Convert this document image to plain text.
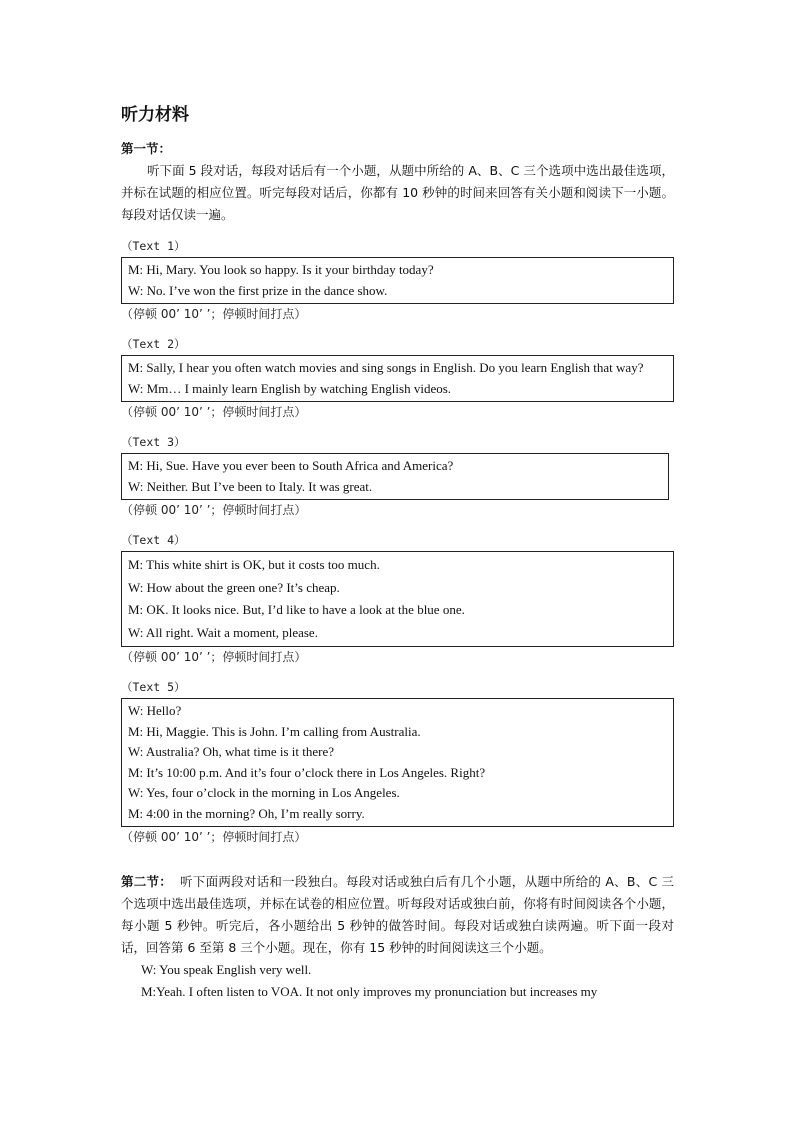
听力材料
第一节：
听下面 5 段对话，每段对话后有一个小题，从题中所给的 A、B、C 三个选项中选出最佳选项，并标在试题的相应位置。听完每段对话后，你都有 10 秒钟的时间来回答有关小题和阅读下一小题。每段对话仅读一遍。
（Text 1）
M: Hi, Mary. You look so happy. Is it your birthday today?
W: No. I’ve won the first prize in the dance show.
（停顿 00’ 10’ ’；停顿时间打点）
（Text 2）
M: Sally, I hear you often watch movies and sing songs in English. Do you learn English that way?
W: Mm… I mainly learn English by watching English videos.
（停顿 00’ 10’ ’；停顿时间打点）
（Text 3）
M: Hi, Sue. Have you ever been to South Africa and America?
W: Neither. But I’ve been to Italy. It was great.
（停顿 00’ 10’ ’；停顿时间打点）
（Text 4）
M: This white shirt is OK, but it costs too much.
W: How about the green one? It’s cheap.
M: OK. It looks nice. But, I’d like to have a look at the blue one.
W: All right. Wait a moment, please.
（停顿 00’ 10’ ’；停顿时间打点）
（Text 5）
W: Hello?
M: Hi, Maggie. This is John. I’m calling from Australia.
W: Australia? Oh, what time is it there?
M: It’s 10:00 p.m. And it’s four o’clock there in Los Angeles. Right?
W: Yes, four o’clock in the morning in Los Angeles.
M: 4:00 in the morning? Oh, I’m really sorry.
（停顿 00’ 10’ ’；停顿时间打点）
第二节： 听下面两段对话和一段独白。每段对话或独白后有几个小题，从题中所给的 A、B、C 三个选项中选出最佳选项，并标在试卷的相应位置。听每段对话或独白前，你将有时间阅读各个小题，每小题 5 秒钟。听完后，各小题给出 5 秒钟的做答时间。每段对话或独白读两遍。听下面一段对话，回答第 6 至第 8 三个小题。现在，你有 15 秒钟的时间阅读这三个小题。
W: You speak English very well.
M:Yeah. I often listen to VOA. It not only improves my pronunciation but increases my
